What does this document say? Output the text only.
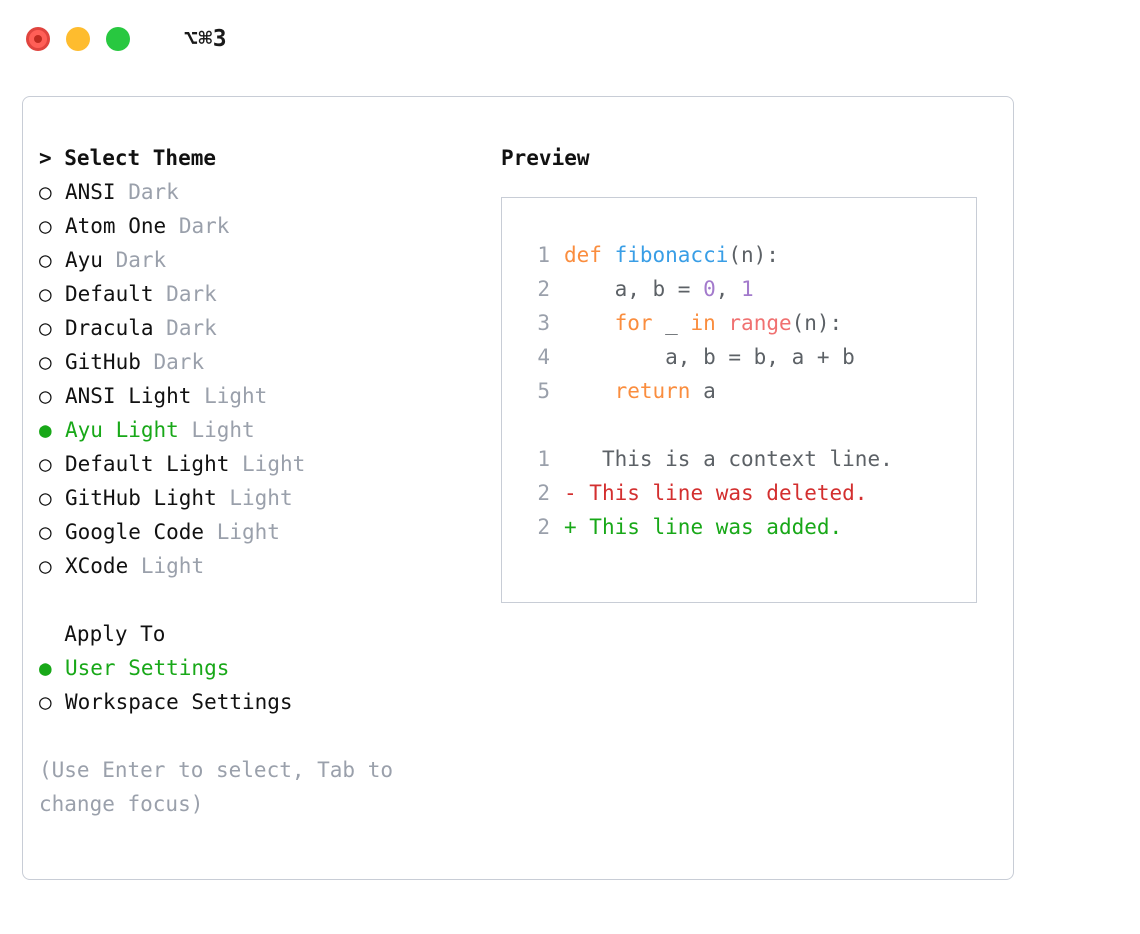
⌥⌘3
> Select Theme
○ ANSI Dark
○ Atom One Dark
○ Ayu Dark
○ Default Dark
○ Dracula Dark
○ GitHub Dark
○ ANSI Light Light
● Ayu Light Light
○ Default Light Light
○ GitHub Light Light
○ Google Code Light
○ XCode Light
Apply To
● User Settings
○ Workspace Settings
(Use Enter to select, Tab to change focus)
Preview
1 def fibonacci(n):
2    a, b = 0, 1
3	for _ in range(n):
4        a, b = b, a + b
5	return a
1   This is a context line.
2 - This line was deleted.
2 + This line was added.
